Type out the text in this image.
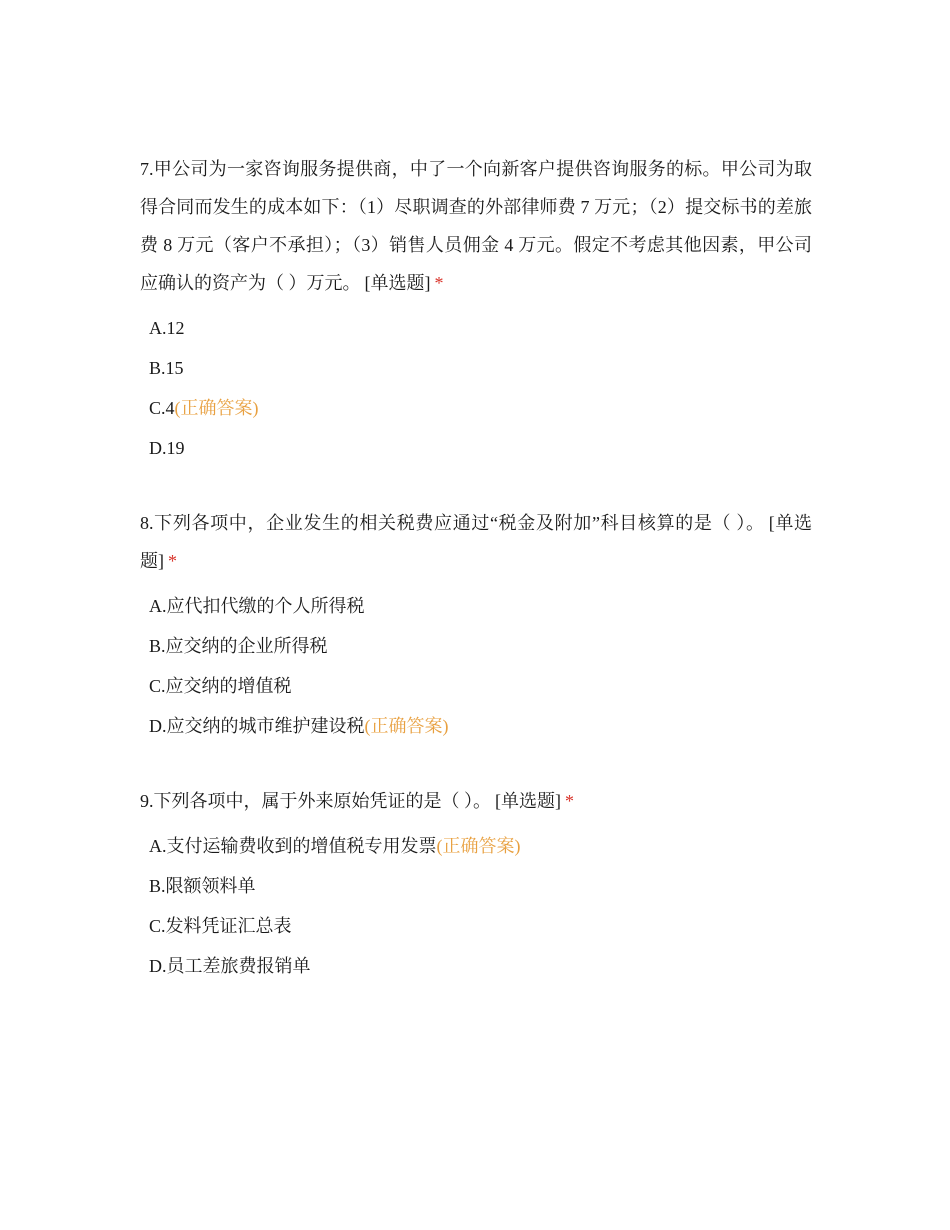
7.甲公司为一家咨询服务提供商，中了一个向新客户提供咨询服务的标。甲公司为取得合同而发生的成本如下：（1）尽职调查的外部律师费 7 万元；（2）提交标书的差旅费 8 万元（客户不承担）；（3）销售人员佣金 4 万元。假定不考虑其他因素，甲公司应确认的资产为（ ）万元。 [单选题] *

A.12
B.15
C.4(正确答案)
D.19

8.下列各项中，企业发生的相关税费应通过“税金及附加”科目核算的是（ ）。 [单选题] *

A.应代扣代缴的个人所得税
B.应交纳的企业所得税
C.应交纳的增值税
D.应交纳的城市维护建设税(正确答案)

9.下列各项中，属于外来原始凭证的是（ ）。 [单选题] *

A.支付运输费收到的增值税专用发票(正确答案)
B.限额领料单
C.发料凭证汇总表
D.员工差旅费报销单
